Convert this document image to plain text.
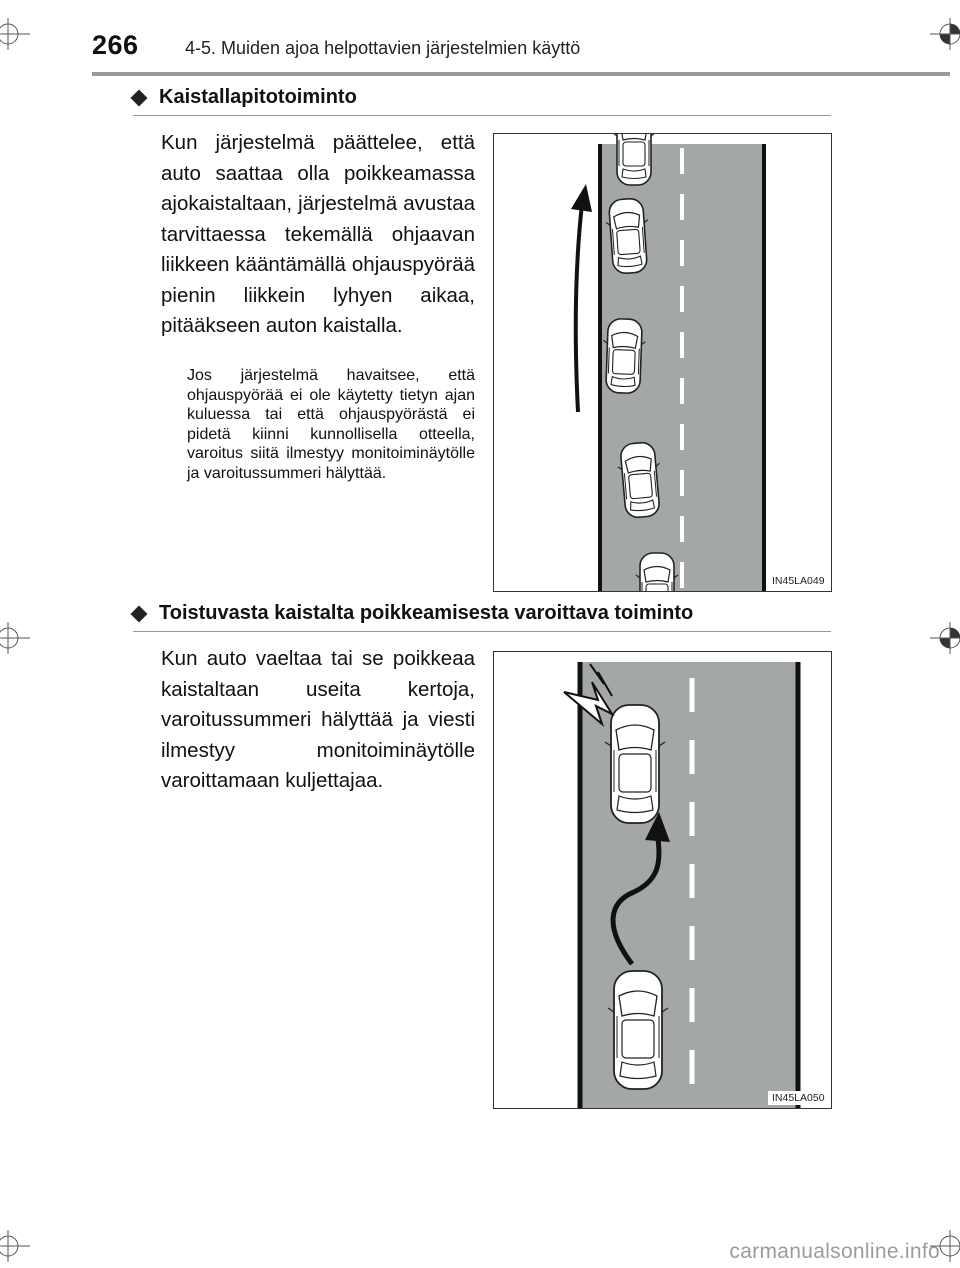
266	4-5. Muiden ajoa helpottavien järjestelmien käyttö
Kaistallapitotoiminto
Kun järjestelmä päättelee, että auto saattaa olla poikkeamassa ajokaistaltaan, järjestelmä avustaa tarvittaessa tekemällä ohjaavan liikkeen kääntämällä ohjauspyörää pienin liikkein lyhyen aikaa, pitääkseen auton kaistalla.
Jos järjestelmä havaitsee, että ohjauspyörää ei ole käytetty tietyn ajan kuluessa tai että ohjauspyörästä ei pidetä kiinni kunnollisella otteella, varoitus siitä ilmestyy monitoiminäytölle ja varoitussummeri hälyttää.
IN45LA049
Toistuvasta kaistalta poikkeamisesta varoittava toiminto
Kun auto vaeltaa tai se poikkeaa kaistaltaan useita kertoja, varoitussummeri hälyttää ja viesti ilmestyy monitoiminäytölle varoittamaan kuljettajaa.
IN45LA050
carmanualsonline.info
